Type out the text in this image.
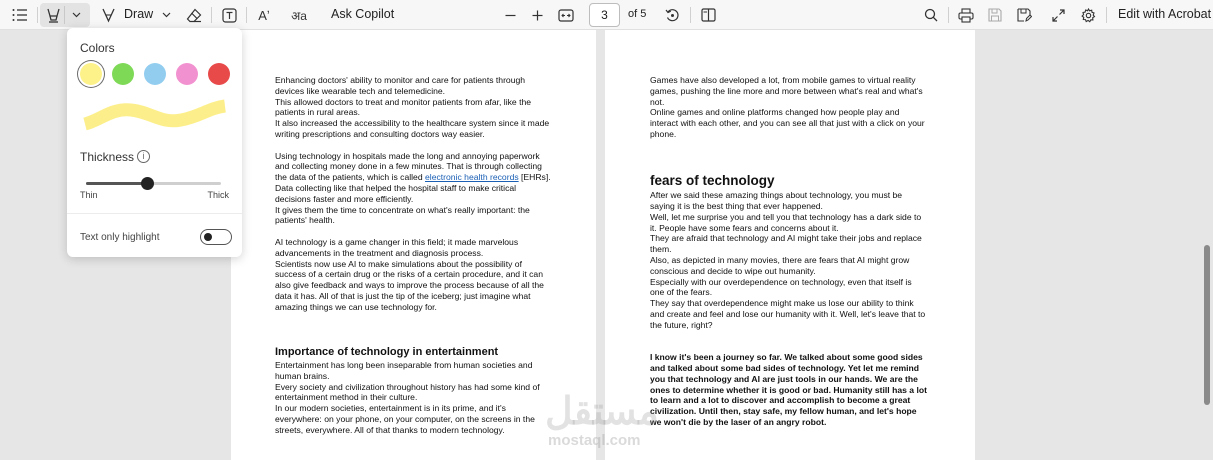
Draw	Aʼ	अa Ask Copilot	3	of 5	Edit with Acrobat

Enhancing doctors' ability to monitor and care for patients through

devices like wearable tech and telemedicine.

This allowed doctors to treat and monitor patients from afar, like the

patients in rural areas.

It also increased the accessibility to the healthcare system since it made

writing prescriptions and consulting doctors way easier.

Using technology in hospitals made the long and annoying paperwork

and collecting money done in a few minutes. That is through collecting

the data of the patients, which is called electronic health records [EHRs].

Data collecting like that helped the hospital staff to make critical

decisions faster and more efficiently.

It gives them the time to concentrate on what's really important: the

patients' health.

AI technology is a game changer in this field; it made marvelous

advancements in the treatment and diagnosis process.

Scientists now use AI to make simulations about the possibility of

success of a certain drug or the risks of a certain procedure, and it can

also give feedback and ways to improve the process because of all the

data it has. All of that is just the tip of the iceberg; just imagine what

amazing things we can use technology for.

Importance of technology in entertainment

Entertainment has long been inseparable from human societies and

human brains.

Every society and civilization throughout history has had some kind of

entertainment method in their culture.

In our modern societies, entertainment is in its prime, and it's

everywhere: on your phone, on your computer, on the screens in the

streets, everywhere. All of that thanks to modern technology.

Games have also developed a lot, from mobile games to virtual reality

games, pushing the line more and more between what's real and what's

not.

Online games and online platforms changed how people play and

interact with each other, and you can see all that just with a click on your

phone.

fears of technology

After we said these amazing things about technology, you must be

saying it is the best thing that ever happened.

Well, let me surprise you and tell you that technology has a dark side to

it. People have some fears and concerns about it.

They are afraid that technology and AI might take their jobs and replace

them.

Also, as depicted in many movies, there are fears that AI might grow

conscious and decide to wipe out humanity.

Especially with our overdependence on technology, even that itself is

one of the fears.

They say that overdependence might make us lose our ability to think

and create and feel and lose our humanity with it. Well, let's leave that to

the future, right?

I know it's been a journey so far. We talked about some good sides

and talked about some bad sides of technology. Yet let me remind

you that technology and AI are just tools in our hands. We are the

ones to determine whether it is good or bad. Humanity still has a lot

to learn and a lot to discover and accomplish to become a great

civilization. Until then, stay safe, my fellow human, and let's hope

we won't die by the laser of an angry robot.

مستقل
mostaql.com
Colors
Thickness i
Thin	Thick
Text only highlight
